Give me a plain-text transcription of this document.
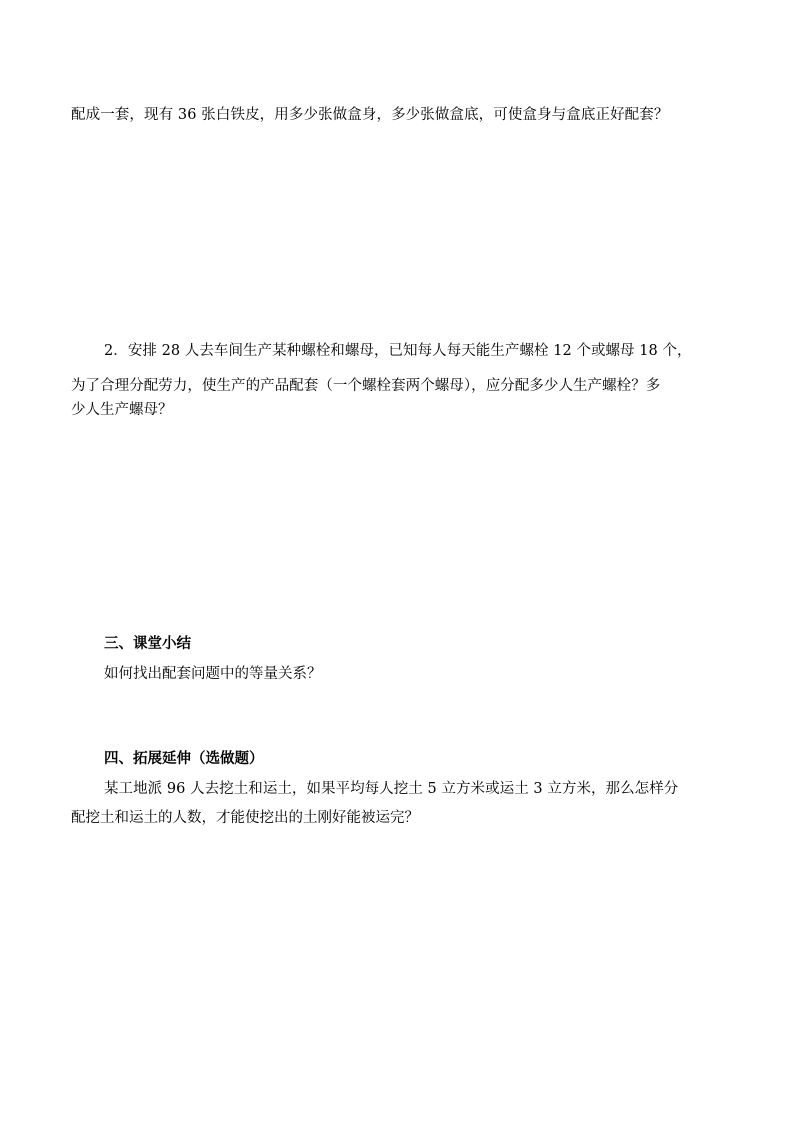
配成一套，现有 36 张白铁皮，用多少张做盒身，多少张做盒底，可使盒身与盒底正好配套？
2．安排 28 人去车间生产某种螺栓和螺母，已知每人每天能生产螺栓 12 个或螺母 18 个，
为了合理分配劳力，使生产的产品配套（一个螺栓套两个螺母），应分配多少人生产螺栓？多
少人生产螺母？
三、课堂小结
如何找出配套问题中的等量关系？
四、拓展延伸（选做题）
某工地派 96 人去挖土和运土，如果平均每人挖土 5 立方米或运土 3 立方米，那么怎样分
配挖土和运土的人数，才能使挖出的土刚好能被运完？
